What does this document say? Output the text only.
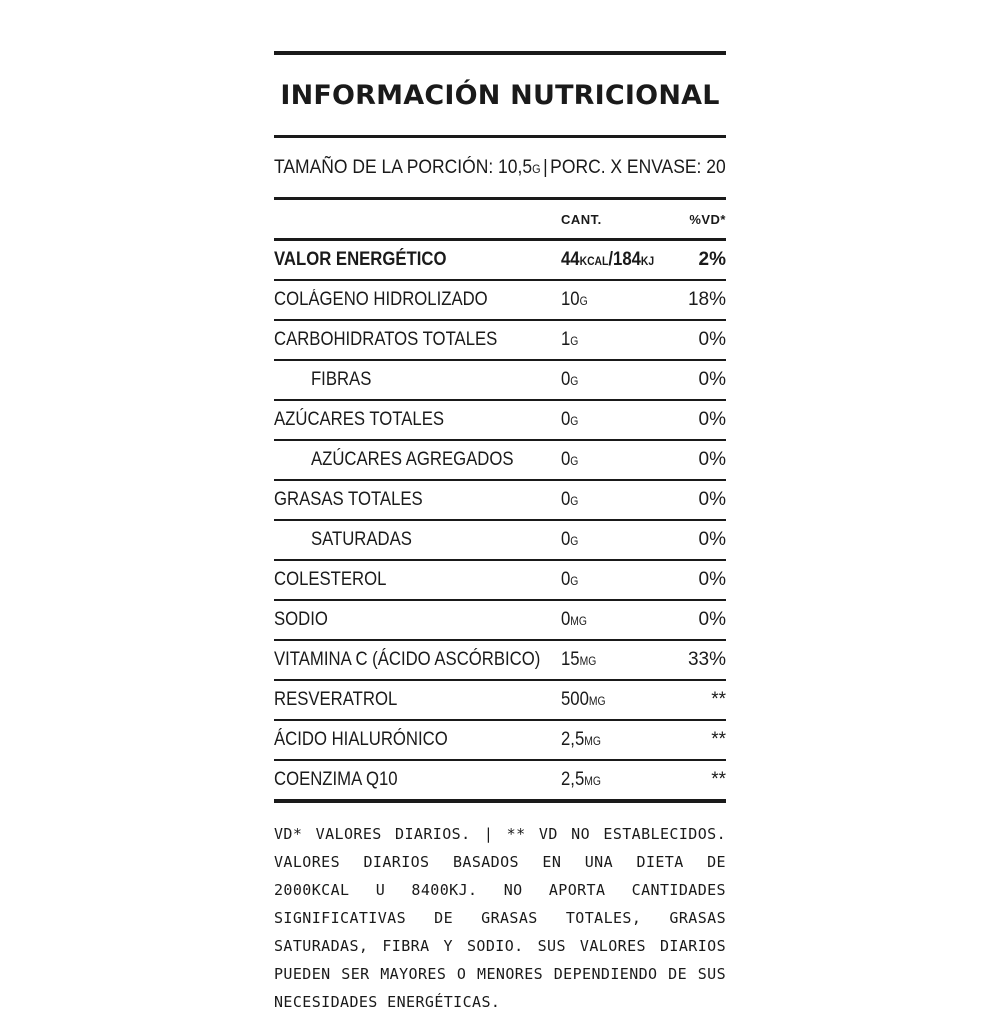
INFORMACIÓN NUTRICIONAL
TAMAÑO DE LA PORCIÓN: 10,5G | PORC. X ENVASE: 20
CANT.	%VD*
VALOR ENERGÉTICO	44KCAL/184KJ	2%
COLÁGENO HIDROLIZADO	10G	18%
CARBOHIDRATOS TOTALES	1G	0%
FIBRAS	0G	0%
AZÚCARES TOTALES	0G	0%
AZÚCARES AGREGADOS	0G	0%
GRASAS TOTALES	0G	0%
SATURADAS	0G	0%
COLESTEROL	0G	0%
SODIO	0MG	0%
VITAMINA C (ÁCIDO ASCÓRBICO) 15MG	33%
RESVERATROL	500MG	**
ÁCIDO HIALURÓNICO	2,5MG	**
COENZIMA Q10	2,5MG	**
VD* VALORES DIARIOS. | ** VD NO ESTABLECIDOS. VALORES DIARIOS BASADOS EN UNA DIETA DE 2000KCAL U 8400KJ. NO APORTA CANTIDADES SIGNIFICATIVAS DE GRASAS TOTALES, GRASAS SATURADAS, FIBRA Y SODIO. SUS VALORES DIARIOS PUEDEN SER MAYORES O MENORES DEPENDIENDO DE SUS NECESIDADES ENERGÉTICAS.
